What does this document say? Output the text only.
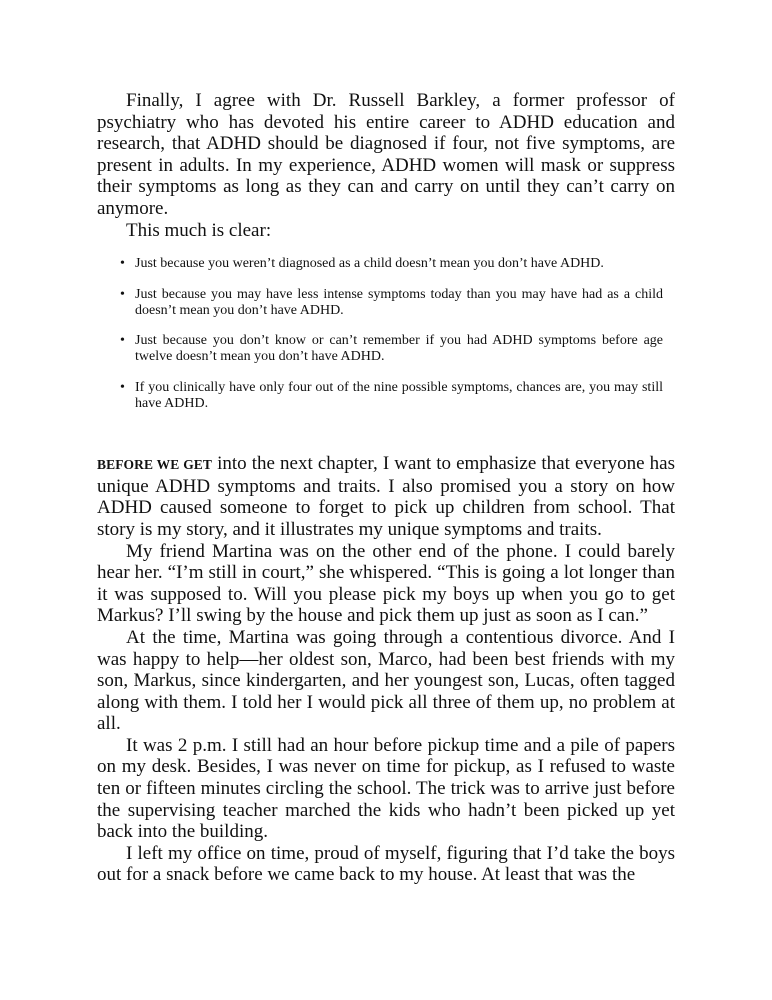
Finally, I agree with Dr. Russell Barkley, a former professor of psychiatry who has devoted his entire career to ADHD education and research, that ADHD should be diagnosed if four, not five symptoms, are present in adults. In my experience, ADHD women will mask or suppress their symptoms as long as they can and carry on until they can’t carry on anymore.

This much is clear:

• Just because you weren’t diagnosed as a child doesn’t mean you don’t have ADHD.
• Just because you may have less intense symptoms today than you may have had as a child doesn’t mean you don’t have ADHD.
• Just because you don’t know or can’t remember if you had ADHD symptoms before age twelve doesn’t mean you don’t have ADHD.
• If you clinically have only four out of the nine possible symptoms, chances are, you may still have ADHD.

BEFORE WE GET into the next chapter, I want to emphasize that everyone has unique ADHD symptoms and traits. I also promised you a story on how ADHD caused someone to forget to pick up children from school. That story is my story, and it illustrates my unique symptoms and traits.

My friend Martina was on the other end of the phone. I could barely hear her. “I’m still in court,” she whispered. “This is going a lot longer than it was supposed to. Will you please pick my boys up when you go to get Markus? I’ll swing by the house and pick them up just as soon as I can.”

At the time, Martina was going through a contentious divorce. And I was happy to help—her oldest son, Marco, had been best friends with my son, Markus, since kindergarten, and her youngest son, Lucas, often tagged along with them. I told her I would pick all three of them up, no problem at all.

It was 2 p.m. I still had an hour before pickup time and a pile of papers on my desk. Besides, I was never on time for pickup, as I refused to waste ten or fifteen minutes circling the school. The trick was to arrive just before the supervising teacher marched the kids who hadn’t been picked up yet back into the building.

I left my office on time, proud of myself, figuring that I’d take the boys out for a snack before we came back to my house. At least that was the
